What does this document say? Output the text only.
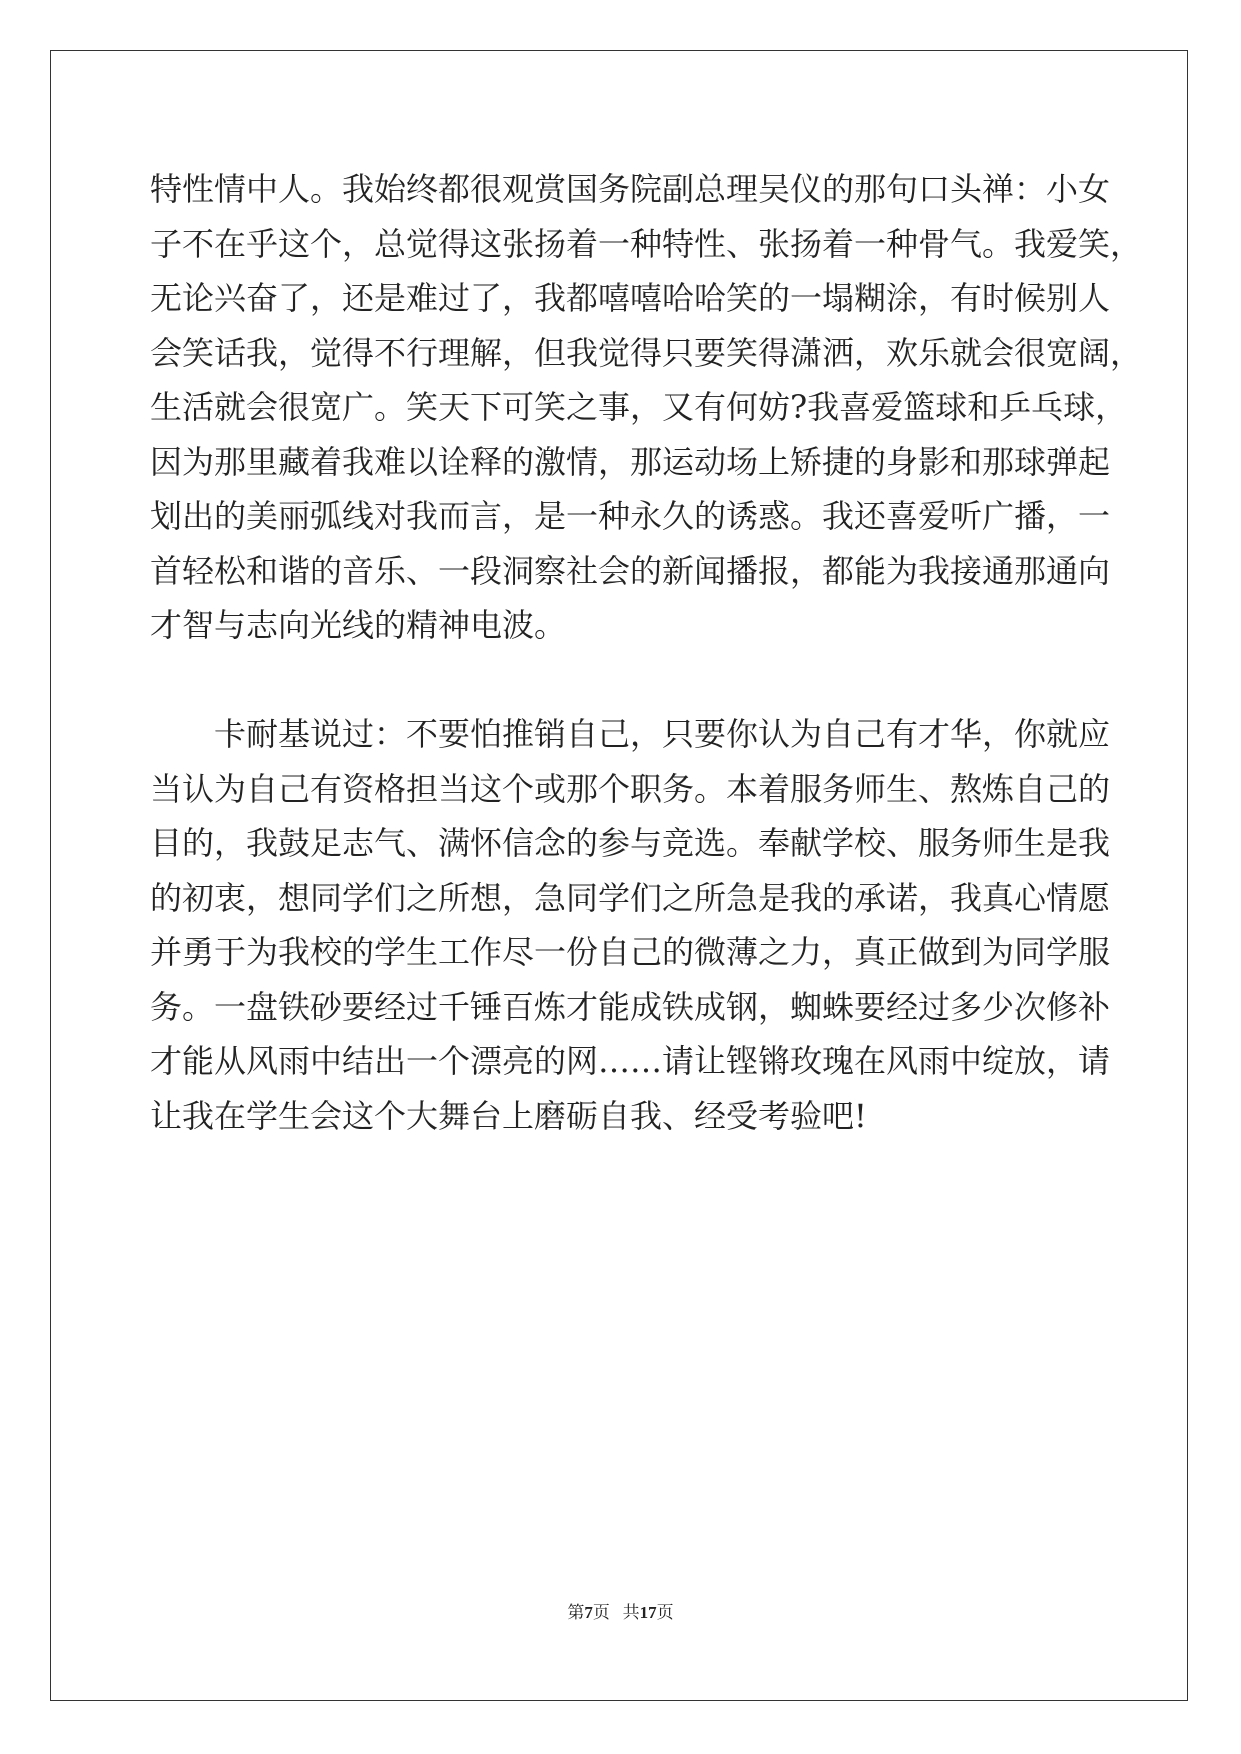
特性情中人。我始终都很观赏国务院副总理吴仪的那句口头禅：小女
子不在乎这个，总觉得这张扬着一种特性、张扬着一种骨气。我爱笑，
无论兴奋了，还是难过了，我都嘻嘻哈哈笑的一塌糊涂，有时候别人
会笑话我，觉得不行理解，但我觉得只要笑得潇洒，欢乐就会很宽阔，
生活就会很宽广。笑天下可笑之事，又有何妨?我喜爱篮球和乒乓球，
因为那里藏着我难以诠释的激情，那运动场上矫捷的身影和那球弹起
划出的美丽弧线对我而言，是一种永久的诱惑。我还喜爱听广播，一
首轻松和谐的音乐、一段洞察社会的新闻播报，都能为我接通那通向
才智与志向光线的精神电波。
卡耐基说过：不要怕推销自己，只要你认为自己有才华，你就应
当认为自己有资格担当这个或那个职务。本着服务师生、熬炼自己的
目的，我鼓足志气、满怀信念的参与竞选。奉献学校、服务师生是我
的初衷，想同学们之所想，急同学们之所急是我的承诺，我真心情愿
并勇于为我校的学生工作尽一份自己的微薄之力，真正做到为同学服
务。一盘铁砂要经过千锤百炼才能成铁成钢，蜘蛛要经过多少次修补
才能从风雨中结出一个漂亮的网……请让铿锵玫瑰在风雨中绽放，请
让我在学生会这个大舞台上磨砺自我、经受考验吧!
第7页 共17页
